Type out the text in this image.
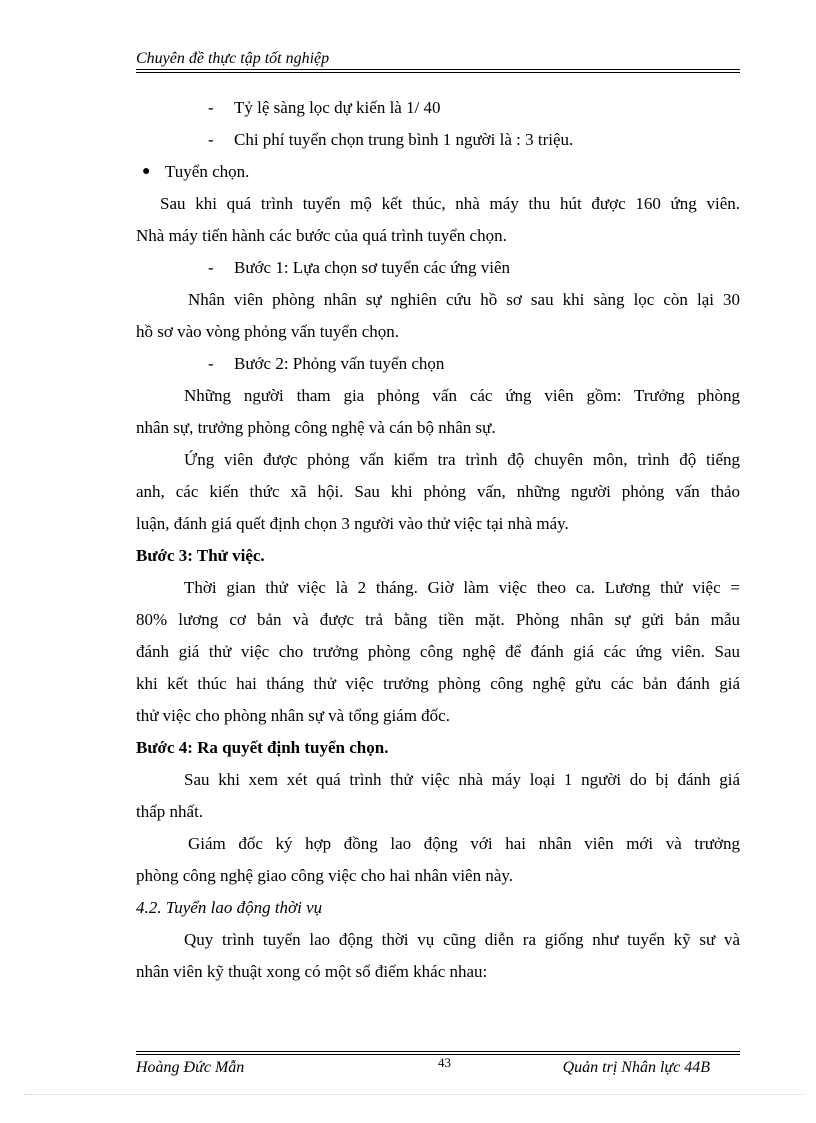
Chuyên đề thực tập tốt nghiệp
- Tỷ lệ sàng lọc dự kiến là 1/ 40
- Chi phí tuyển chọn trung bình 1 người là : 3 triệu.
● Tuyển chọn.
Sau khi quá trình tuyển mộ kết thúc, nhà máy thu hút được 160 ứng viên.
Nhà máy tiến hành các bước của quá trình tuyển chọn.
- Bước 1: Lựa chọn sơ tuyển các ứng viên
Nhân viên phòng nhân sự nghiên cứu hồ sơ sau khi sàng lọc còn lại 30
hồ sơ vào vòng phỏng vấn tuyển chọn.
- Bước 2: Phỏng vấn tuyển chọn
Những người tham gia phỏng vấn các ứng viên gồm: Trưởng phòng
nhân sự, trưởng phòng công nghệ và cán bộ nhân sự.
Ứng viên được phỏng vấn kiểm tra trình độ chuyên môn, trình độ tiếng
anh, các kiến thức xã hội. Sau khi phỏng vấn, những người phỏng vấn thảo
luận, đánh giá quết định chọn 3 người vào thử việc tại nhà máy.
Bước 3: Thử việc.
Thời gian thử việc là 2 tháng. Giờ làm việc theo ca. Lương thử việc =
80% lương cơ bản và được trả bằng tiền mặt. Phòng nhân sự gửi bản mẫu
đánh giá thử việc cho trưởng phòng công nghệ để đánh giá các ứng viên. Sau
khi kết thúc hai tháng thử việc trưởng phòng công nghệ gửu các bản đánh giá
thử việc cho phòng nhân sự và tổng giám đốc.
Bước 4: Ra quyết định tuyển chọn.
Sau khi xem xét quá trình thử việc nhà máy loại 1 người do bị đánh giá
thấp nhất.
Giám đốc ký hợp đồng lao động với hai nhân viên mới và trưởng
phòng công nghệ giao công việc cho hai nhân viên này.
4.2. Tuyển lao động thời vụ
Quy trình tuyển lao động thời vụ cũng diễn ra giống như tuyển kỹ sư và
nhân viên kỹ thuật xong có một số điểm khác nhau:
Hoàng Đức Mẫn	43	Quản trị Nhân lực 44B
